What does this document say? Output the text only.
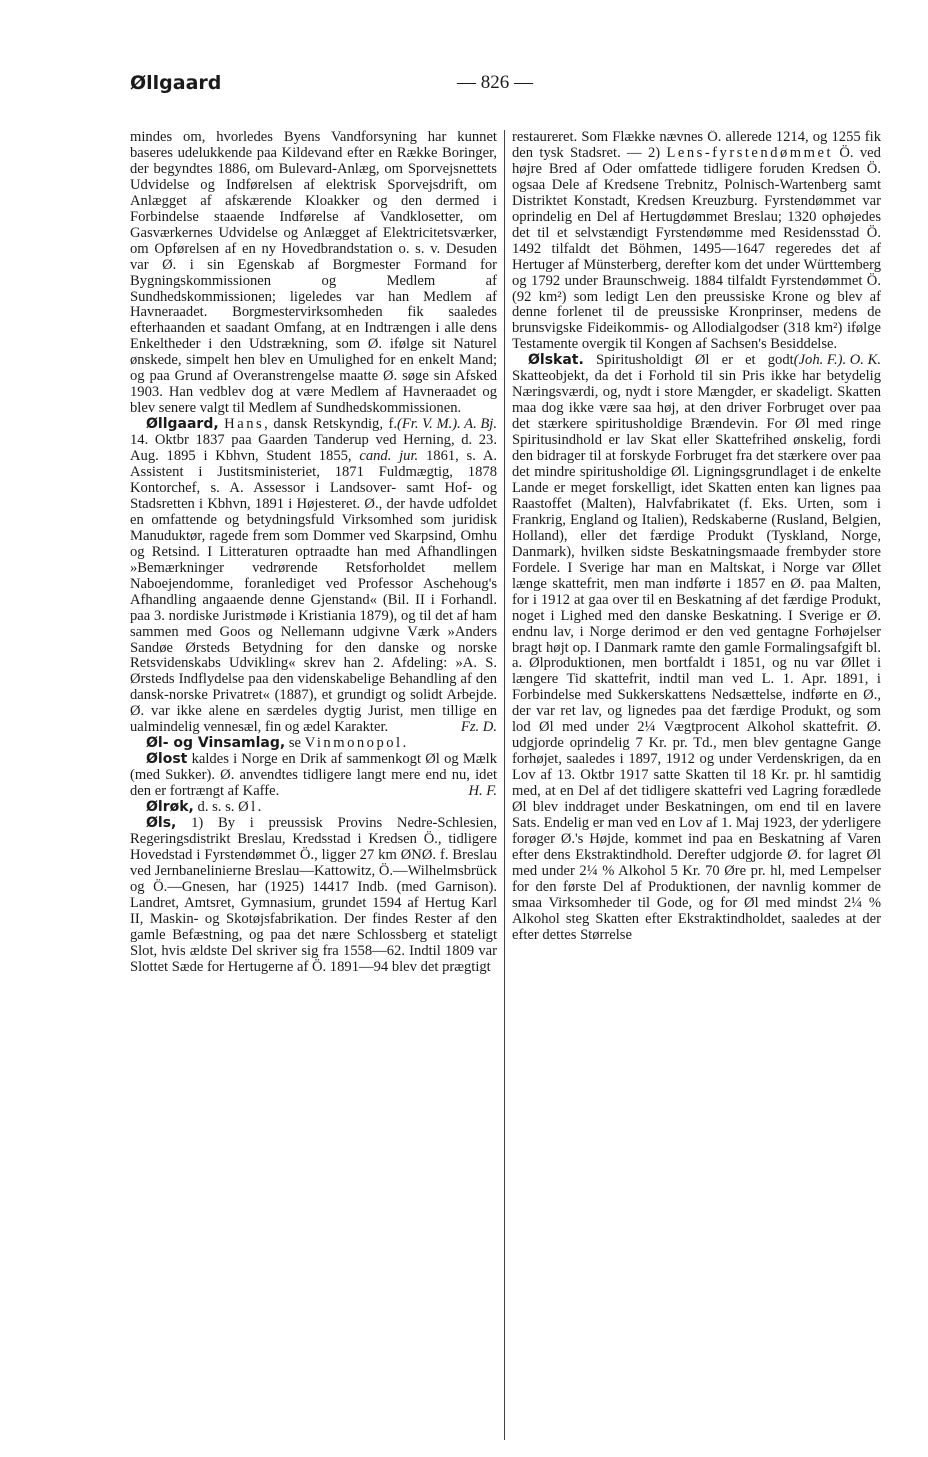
Øllgaard	— 826 —

mindes om, hvorledes Byens Vandforsyning har kunnet baseres udelukkende paa Kildevand efter en Række Boringer, der begyndtes 1886, om Bulevard-Anlæg, om Sporvejsnettets Udvidelse og Indførelsen af elektrisk Sporvejsdrift, om Anlægget af afskærende Kloakker og den dermed i Forbindelse staaende Indførelse af Vandklosetter, om Gasværkernes Udvidelse og Anlægget af Elektricitetsværker, om Opførelsen af en ny Hovedbrandstation o. s. v. Desuden var Ø. i sin Egenskab af Borgmester Formand for Bygningskommissionen og Medlem af Sundhedskommissionen; ligeledes var han Medlem af Havneraadet. Borgmestervirksomheden fik saaledes efterhaanden et saadant Omfang, at en Indtrængen i alle dens Enkeltheder i den Udstrækning, som Ø. ifølge sit Naturel ønskede, simpelt hen blev en Umulighed for en enkelt Mand; og paa Grund af Overanstrengelse maatte Ø. søge sin Afsked 1903. Han vedblev dog at være Medlem af Havneraadet og blev senere valgt til Medlem af Sundhedskommissionen.
(Fr. V. M.). A. Bj.

Øllgaard, Hans, dansk Retskyndig, f. 14. Oktbr 1837 paa Gaarden Tanderup ved Herning, d. 23. Aug. 1895 i Kbhvn, Student 1855, cand. jur. 1861, s. A. Assistent i Justitsministeriet, 1871 Fuldmægtig, 1878 Kontorchef, s. A. Assessor i Landsover- samt Hof- og Stadsretten i Kbhvn, 1891 i Højesteret. Ø., der havde udfoldet en omfattende og betydningsfuld Virksomhed som juridisk Manuduktør, ragede frem som Dommer ved Skarpsind, Omhu og Retsind. I Litteraturen optraadte han med Afhandlingen »Bemærkninger vedrørende Retsforholdet mellem Naboejendomme, foranlediget ved Professor Aschehoug's Afhandling angaaende denne Gjenstand« (Bil. II i Forhandl. paa 3. nordiske Juristmøde i Kristiania 1879), og til det af ham sammen med Goos og Nellemann udgivne Værk »Anders Sandøe Ørsteds Betydning for den danske og norske Retsvidenskabs Udvikling« skrev han 2. Afdeling: »A. S. Ørsteds Indflydelse paa den videnskabelige Behandling af den dansk-norske Privatret« (1887), et grundigt og solidt Arbejde. Ø. var ikke alene en særdeles dygtig Jurist, men tillige en ualmindelig vennesæl, fin og ædel Karakter.	Fz. D.

Øl- og Vinsamlag, se Vinmonopol.

Ølost kaldes i Norge en Drik af sammenkogt Øl og Mælk (med Sukker). Ø. anvendtes tidligere langt mere end nu, idet den er fortrængt af Kaffe.	H. F.

Ølrøk, d. s. s. Øl.

Øls, 1) By i preussisk Provins Nedre-Schlesien, Regeringsdistrikt Breslau, Kredsstad i Kredsen Ö., tidligere Hovedstad i Fyrstendømmet Ö., ligger 27 km ØNØ. f. Breslau ved Jernbanelinierne Breslau—Kattowitz, Ö.—Wilhelmsbrück og Ö.—Gnesen, har (1925) 14417 Indb. (med Garnison). Landret, Amtsret, Gymnasium, grundet 1594 af Hertug Karl II, Maskin- og Skotøjsfabrikation. Der findes Rester af den gamle Befæstning, og paa det nære Schlossberg et stateligt Slot, hvis ældste Del skriver sig fra 1558—62. Indtil 1809 var Slottet Sæde for Hertugerne af Ö. 1891—94 blev det prægtigt

restaureret. Som Flække nævnes Ö. allerede 1214, og 1255 fik den tysk Stadsret. — 2) Lens-fyrstendømmet Ö. ved højre Bred af Oder omfattede tidligere foruden Kredsen Ö. ogsaa Dele af Kredsene Trebnitz, Polnisch-Wartenberg samt Distriktet Konstadt, Kredsen Kreuzburg. Fyrstendømmet var oprindelig en Del af Hertugdømmet Breslau; 1320 ophøjedes det til et selvstændigt Fyrstendømme med Residensstad Ö. 1492 tilfaldt det Böhmen, 1495—1647 regeredes det af Hertuger af Münsterberg, derefter kom det under Württemberg og 1792 under Braunschweig. 1884 tilfaldt Fyrstendømmet Ö. (92 km²) som ledigt Len den preussiske Krone og blev af denne forlenet til de preussiske Kronprinser, medens de brunsvigske Fideikommis- og Allodialgodser (318 km²) ifølge Testamente overgik til Kongen af Sachsen's Besiddelse.
(Joh. F.). O. K.

Ølskat. Spiritusholdigt Øl er et godt Skatteobjekt, da det i Forhold til sin Pris ikke har betydelig Næringsværdi, og, nydt i store Mængder, er skadeligt. Skatten maa dog ikke være saa høj, at den driver Forbruget over paa det stærkere spiritusholdige Brændevin. For Øl med ringe Spiritusindhold er lav Skat eller Skattefrihed ønskelig, fordi den bidrager til at forskyde Forbruget fra det stærkere over paa det mindre spiritusholdige Øl. Ligningsgrundlaget i de enkelte Lande er meget forskelligt, idet Skatten enten kan lignes paa Raastoffet (Malten), Halvfabrikatet (f. Eks. Urten, som i Frankrig, England og Italien), Redskaberne (Rusland, Belgien, Holland), eller det færdige Produkt (Tyskland, Norge, Danmark), hvilken sidste Beskatningsmaade frembyder store Fordele. I Sverige har man en Maltskat, i Norge var Øllet længe skattefrit, men man indførte i 1857 en Ø. paa Malten, for i 1912 at gaa over til en Beskatning af det færdige Produkt, noget i Lighed med den danske Beskatning. I Sverige er Ø. endnu lav, i Norge derimod er den ved gentagne Forhøjelser bragt højt op. I Danmark ramte den gamle Formalingsafgift bl. a. Ølproduktionen, men bortfaldt i 1851, og nu var Øllet i længere Tid skattefrit, indtil man ved L. 1. Apr. 1891, i Forbindelse med Sukkerskattens Nedsættelse, indførte en Ø., der var ret lav, og lignedes paa det færdige Produkt, og som lod Øl med under 2¼ Vægtprocent Alkohol skattefrit. Ø. udgjorde oprindelig 7 Kr. pr. Td., men blev gentagne Gange forhøjet, saaledes i 1897, 1912 og under Verdenskrigen, da en Lov af 13. Oktbr 1917 satte Skatten til 18 Kr. pr. hl samtidig med, at en Del af det tidligere skattefri ved Lagring forædlede Øl blev inddraget under Beskatningen, om end til en lavere Sats. Endelig er man ved en Lov af 1. Maj 1923, der yderligere forøger Ø.'s Højde, kommet ind paa en Beskatning af Varen efter dens Ekstraktindhold. Derefter udgjorde Ø. for lagret Øl med under 2¼ % Alkohol 5 Kr. 70 Øre pr. hl, med Lempelser for den første Del af Produktionen, der navnlig kommer de smaa Virksomheder til Gode, og for Øl med mindst 2¼ % Alkohol steg Skatten efter Ekstraktindholdet, saaledes at der efter dettes Størrelse
